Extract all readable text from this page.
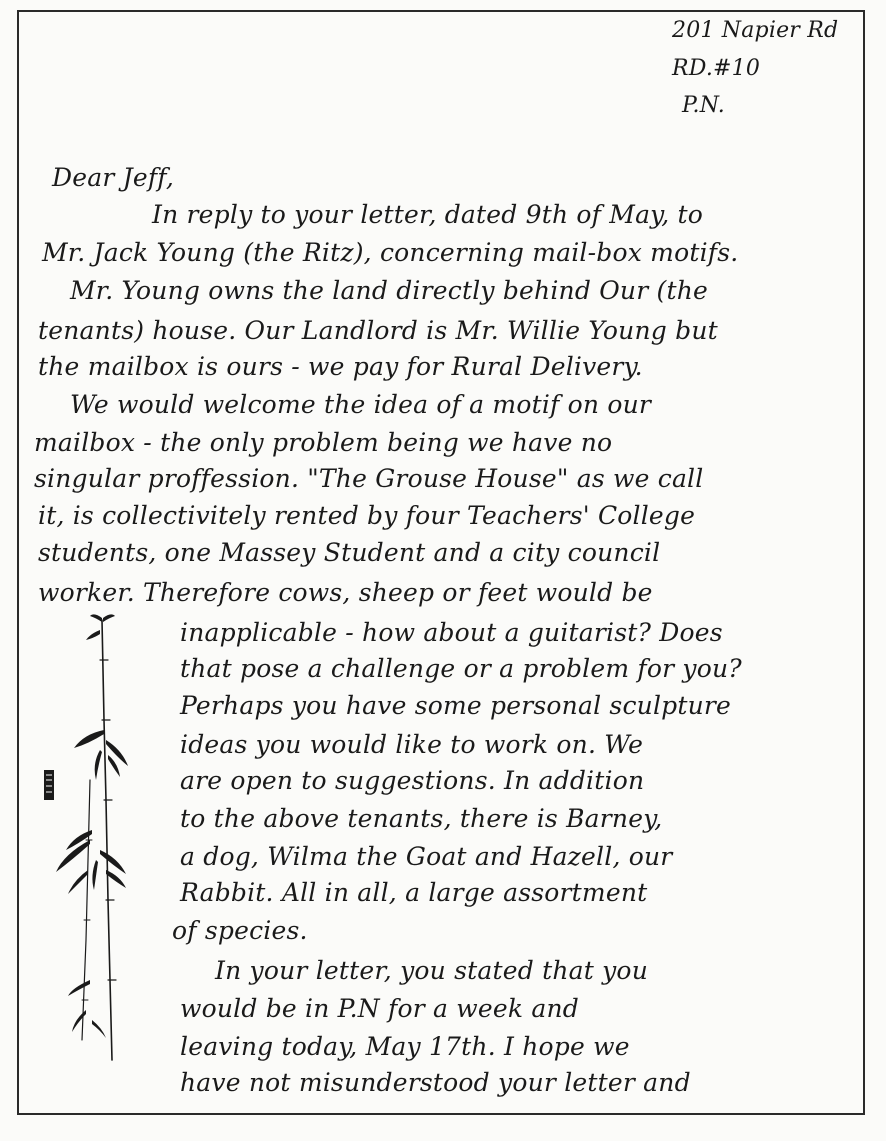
201 Napier Rd
RD.#10
P.N.
Dear Jeff,
In reply to your letter, dated 9th of May, to
Mr. Jack Young (the Ritz), concerning mail-box motifs.
Mr. Young owns the land directly behind Our (the
tenants) house. Our Landlord is Mr. Willie Young but
the mailbox is ours - we pay for Rural Delivery.
We would welcome the idea of a motif on our
mailbox - the only problem being we have no
singular proffession. "The Grouse House" as we call
it, is collectivitely rented by four Teachers' College
students, one Massey Student and a city council
worker. Therefore cows, sheep or feet would be
inapplicable - how about a guitarist? Does
that pose a challenge or a problem for you?
Perhaps you have some personal sculpture
ideas you would like to work on. We
are open to suggestions. In addition
to the above tenants, there is Barney,
a dog, Wilma the Goat and Hazell, our
Rabbit. All in all, a large assortment
of species.
In your letter, you stated that you
would be in P.N for a week and
leaving today, May 17th. I hope we
have not misunderstood your letter and
